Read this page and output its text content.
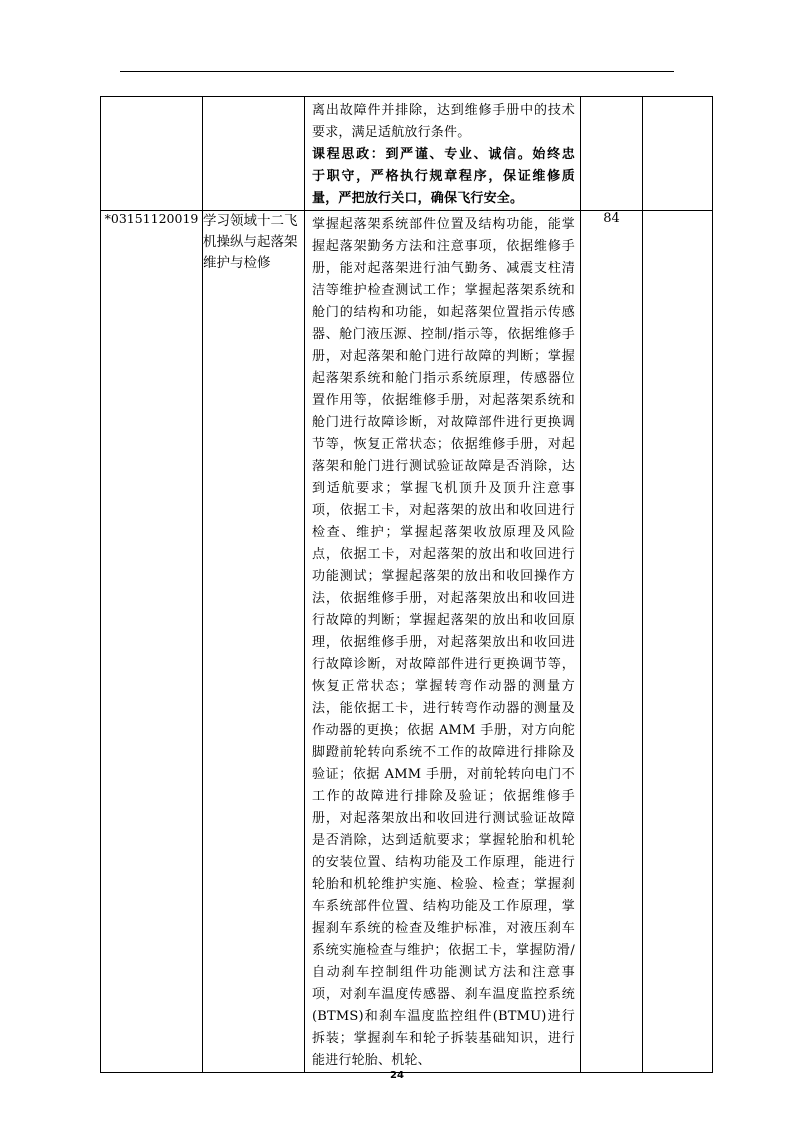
		离出故障件并排除，达到维修手册中的技术要求，满足适航放行条件。

课程思政：到严谨、专业、诚信。始终忠　于职守，严格执行规章程序，保证维修质量，严把放行关口，确保飞行安全。		

*03151120019	学习领域十二飞机操纵与起落架维护与检修	掌握起落架系统部件位置及结构功能，能掌握起落架勤务方法和注意事项，依据维修手册，能对起落架进行油气勤务、减震支柱清洁等维护检查测试工作；掌握起落架系统和舱门的结构和功能，如起落架位置指示传感器、舱门液压源、控制/指示等，依据维修手册，对起落架和舱门进行故障的判断；掌握起落架系统和舱门指示系统原理，传感器位置作用等，依据维修手册，对起落架系统和舱门进行故障诊断，对故障部件进行更换调节等，恢复正常状态；依据维修手册，对起落架和舱门进行测试验证故障是否消除，达到适航要求；掌握飞机顶升及顶升注意事项，依据工卡，对起落架的放出和收回进行检查、维护；掌握起落架收放原理及风险点，依据工卡，对起落架的放出和收回进行功能测试；掌握起落架的放出和收回操作方法，依据维修手册，对起落架放出和收回进行故障的判断；掌握起落架的放出和收回原理，依据维修手册，对起落架放出和收回进行故障诊断，对故障部件进行更换调节等，恢复正常状态；掌握转弯作动器的测量方法，能依据工卡，进行转弯作动器的测量及作动器的更换；依据 AMM 手册，对方向舵脚蹬前轮转向系统不工作的故障进行排除及验证；依据 AMM 手册，对前轮转向电门不工作的故障进行排除及验证；依据维修手册，对起落架放出和收回进行测试验证故障是否消除，达到适航要求；掌握轮胎和机轮的安装位置、结构功能及工作原理，能进行轮胎和机轮维护实施、检验、检查；掌握刹车系统部件位置、结构功能及工作原理，掌握刹车系统的检查及维护标准，对液压刹车系统实施检查与维护；依据工卡，掌握防滑/自动刹车控制组件功能测试方法和注意事项，对刹车温度传感器、刹车温度监控系统(BTMS)和刹车温度监控组件(BTMU)进行拆装；掌握刹车和轮子拆装基础知识，进行能进行轮胎、机轮、	84	
24
